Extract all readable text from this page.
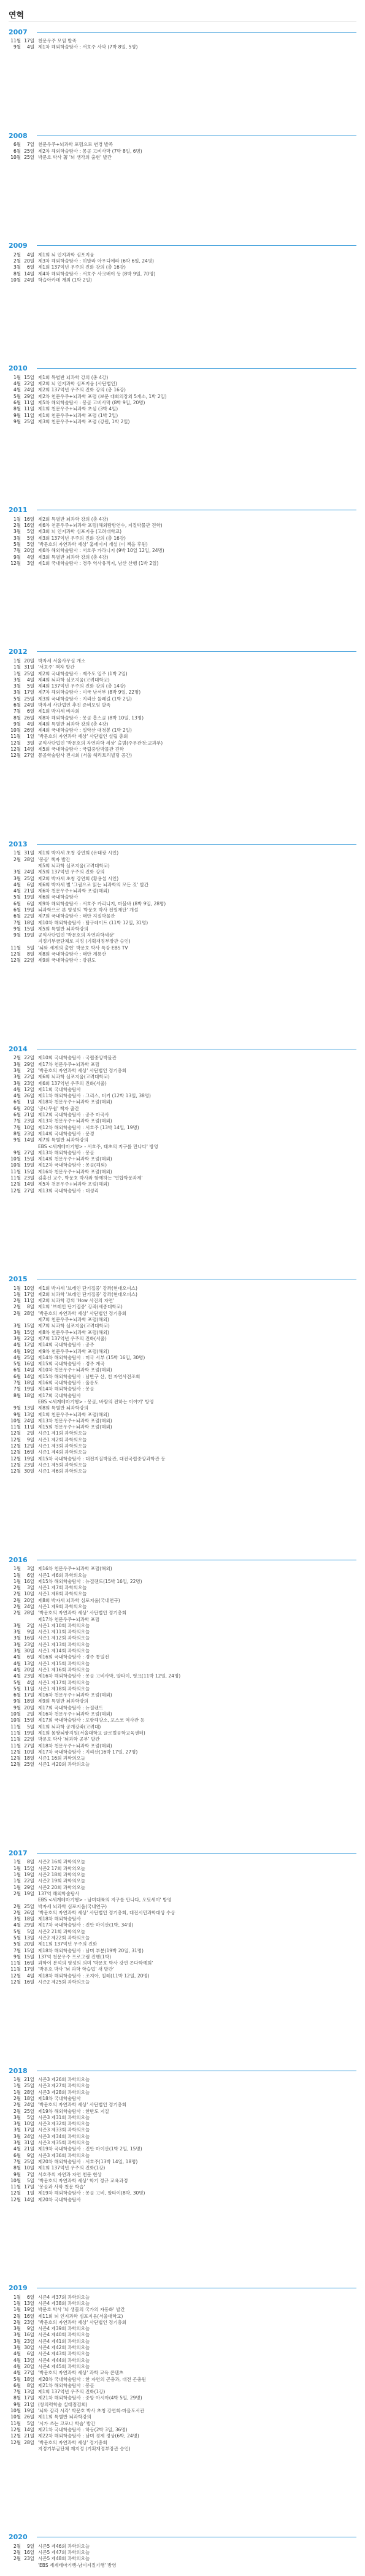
연혁
2007
11월 17일 천문우주 모임 발족
9월	4일 제1차 해외학술탐사 : 서호주 사막 (7박 8일, 5명)
2008
6월	7일 천문우주+뇌과학 포럼으로 변경 발족
6월 25일 제2차 해외학술탐사 : 몽골 고비사막 (7박 8일, 6명)
10월 25일 박문호 박사 著 '뇌 생각의 출현' 발간
2009
2월	4일 제1회 뇌 인지과학 심포지움
2월 20일 제3차 해외학술탐사 : 히말라 아우디에라 (6박 6일, 24명)
3월	6일 제1회 137억년 우주의 진화 강의 (총 16강)
8월 14일 제4차 해외학술탐사 : 서호주 사크배이 등 (8박 9일, 70명)
10월 24일 학습아카데 개최 (1박 2일)
2010
1월 15일 제1회 특별반 뇌과학 강의 (총 4강)
4월 22일 제2회 뇌 인지과학 심포지움 (사단법인)
4월 24일 제2회 137억년 우주의 진화 강의 (총 16강)
5월 29일 제2차 천문우주+뇌과학 포럼 (보문 대회의장외 5개소, 1박 2일)
6월 11일 제5차 해외학술탐사 : 몽골 고비사막 (8박 9일, 20명)
8월 11일 제1회 천문우주+뇌과학 초심 (3박 4일)
9월 11일 제1회 천문우주+뇌과학 포럼 (1박 2일)
9월 25일 제3회 천문우주+뇌과학 포럼 (강원, 1박 2일)
2011
1월 16일 제2회 특별반 뇌과학 강의 (총 4강)
2월 16일 제6차 천문우주+뇌과학 포럼(해외탐방연수, 지질박물관 견학)
3월	5일 제3회 뇌 인지과학 심포지움 (고려대학교)
3월	5일 제3회 137억년 우주의 진화 강의 (총 16강)
5월	5일 '박문호의 자연과학 세상' 홈페이지 개설 (이 책을 후원)
7월 20일 제6차 해외학술탐사 : 서호주 카라니지 (9박 10일 12일, 24명)
9월	4일 제3회 특별반 뇌과학 강의 (총 4강)
12월	3일 제1회 국내학술탐사 : 경주 역사유적지, 남산 산행 (1박 2일)
2012
1월 20일 박자세 서울사무실 개소
1월 31일 '서호주' 책자 발간
1월 25일 제2회 국내학술탐사 : 제주도 일주 (1박 2일)
3월	4일 제4회 뇌과학 심포지움(고려대학교)
3월	5일 제4회 137억년 우주의 진화 강의 (총 14강)
3월 17일 제7차 해외학술탐사 : 미국 남서부 (8박 9일, 22명)
5월 25일 제3회 국내학술탐사 : 지리산 둘레길 (1박 2일)
6월 24일 박자세 사단법인 추진 준비모임 발족
7월	6일 제1회 박자세 바자회
8월 26일 제8차 해외학술탐사 : 몽골 홉스골 (8박 10일, 13명)
9월	4일 제4회 특별반 뇌과학 강의 (총 4강)
10월 26일 제4회 국내학술탐사 : 설악산 대청봉 (1박 2일)
11월	1일 '박문호의 자연과학 세상' 사단법인 설립 총회
12월	3일 공익사단법인 '박문호의 자연과학 세상' 출범(주무관청:교과부)
12월 14일 제5회 국내학술탐사 : 국립중앙박물관 견학
12월 27일 몽골학술탐사 전시회 (서울 헤리트리빌딩 공간)
2013
1월 31일 제1회 박자세 초청 강연회 (유태광 시인)
2월 28일 '몽골' 책자 발간
제5회 뇌과학 심포지움(고려대학교)
3월 24일 제5회 137억년 우주의 진화 강의
3월 25일 제2회 박자세 초청 강연회 (황용섭 시인)
4월	6일 제6회 박자세 별 '그림으로 읽는 뇌과학의 모든 것' 발간
4월 21일 제6차 천문우주+뇌과학 포럼(해외)
5월 19일 제6회 국내학술탐사
6월	6일 제9차 해외학술탐사 : 서호주 카리니지, 마블바 (8박 9일, 28명)
6월 19일 뇌과학으로 본 영성의 '박문호 박사 전원재단' 개설
6월 22일 제7회 국내학술탐사 : 태안 지질박물관
7월 18일 제10차 해외학술탐사 : 탐구레이트 (11박 12일, 31명)
9월 15일 제5회 특별반 뇌과학강의
9월 19일 공익사단법인 '박문호의 자연과학세상'
지정기부금단체로 지정 (기획재정부장관 승인)
11월	5일 '뇌와 세계의 출현' 박문호 박사 특강 EBS TV
12월	8일 제8회 국내학술탐사 : 태안 계룡산
12월 22일 제9회 국내학술탐사 : 강원도
2014
2월 22일 제10회 국내학술탐사 : 국립중앙박물관
3월 29일 제17차 천문우주+뇌과학 포럼
3월	2일 '박문호의 자연과학 세상' 사단법인 정기총회
3월 22일 제6회 뇌과학 심포지움(고려대학교)
3월 23일 제6회 137억년 우주의 진화(서울)
4월 12일 제11회 국내학술탐사
4월 26일 제11차 해외학술탐사 : 그리스, 터키 (12박 13일, 38명)
6월	1일 제18차 천문우주+뇌과학 포럼(해외)
6월 20일 '공나무쉼' 책자 출간
6월 21일 제12회 국내학술탐사 : 공주 마곡사
7월 23일 제13차 천문우주+뇌과학 포럼(해외)
7월 10일 제12차 해외학술탐사 : 서호주 (13박 14일, 19명)
8월 23일 제14회 국내학술탐사 : 문경
9월 14일 제7회 특별반 뇌과학강의
EBS <세계테마기행> - 서호주, 태초의 지구를 만나다' 방영
9월 27일 제13차 해외학술탐사 : 몽골
10월 15일 제14회 천문우주+뇌과학 포럼(해외)
10월 19일 제12차 국내학술탐사 : 몽골(해외)
11월 15일 제16차 천문우주+뇌과학 포럼(해외)
11월 23일 김홍신 교수, 박문호 박사와 함께하는 '연합학문과제'
12월 14일 제5차 천문우주+뇌과학 포럼(해외)
12월 27일 제13회 국내학술탐사 : 대성리
2015
1월 10일 제1회 박자세 '브레인 단기집중' 강좌(현대오피스)
1월 17일 제2회 뇌과학 '브레인 단기집중' 강좌(현대오피스)
2월 11일 제2회 뇌과학 강의 'How 사진의 자연'
2월	8일 제1회 '브레인 단기집중' 강좌(세종대학교)
2월 28일 '박문호의 자연과학 세상' 사단법인 정기총회
제7회 천문우주+뇌과학 포럼(해외)
3월 15일 제7회 뇌과학 심포지움(고려대학교)
3월 15일 제8차 천문우주+뇌과학 포럼(해외)
3월 22일 제7회 137억년 우주의 진화(서울)
4월 12일 제14회 국내학술탐사 : 공주
4월 19일 제9차 천문우주+뇌과학 포럼(해외)
4월 25일 제14차 해외학술탐사 : 미국 서부 (15박 16일, 30명)
5월 16일 제15회 국내학술탐사 : 경주 계곡
6월 14일 제10차 천문우주+뇌과학 포럼(해외)
6월 14일 제15차 해외학술탐사 : 남반구 산, 친 자연사전조회
7월 18일 제16회 국내학술탐사 : 울릉도
7월 19일 제14차 해외학술탐사 : 몽골
8월 18일 제17회 국내학술탐사
EBS <세계테마기행> - 몽골, 바람의 전하는 이야기' 방영
9월 13일 제8회 특별반 뇌과학강의
9월 13일 제1회 천문우주+뇌과학 포럼(해외)
10월 24일 제13차 천문우주+뇌과학 포럼(해외)
11월 11일 제15회 천문우주+뇌과학 포럼(해외)
12월	2일 시즌1 제1회 과학의오늘
12월	9일 시즌1 제2회 과학의오늘
12월 12일 시즌1 제3회 과학의오늘
12월 16일 시즌1 제4회 과학의오늘
12월 19일 제15차 국내학술탐사 : 대전지질박물관, 대전국립중앙과학관 등
12월 23일 시즌1 제5회 과학의오늘
12월 30일 시즌1 제6회 과학의오늘
2016
1월	3일 제16차 천문우주+뇌과학 포럼(해외)
1월	6일 시즌1 제6회 과학의오늘
1월 16일 제15차 해외학술탐사 : 뉴질랜드(15박 16일, 22명)
2월	3일 시즌1 제7회 과학의오늘
2월 10일 시즌1 제8회 과학의오늘
2월 20일 제8회 박자세 뇌과학 심포지움(국내연구)
2월 24일 시즌1 제9회 과학의오늘
2월 28일 '박문호의 자연과학 세상' 사단법인 정기총회
제17차 천문우주+뇌과학 포럼
3월	2일 시즌1 제10회 과학의오늘
3월	9일 시즌1 제11회 과학의오늘
3월 16일 시즌1 제12회 과학의오늘
3월 23일 시즌1 제13회 과학의오늘
3월 30일 시즌1 제14회 과학의오늘
4월	6일 제16회 국내학술탐사 : 경주 통일전
4월 13일 시즌1 제15회 과학의오늘
4월 20일 시즌1 제16회 과학의오늘
4월 23일 제16차 해외학술탐사 : 몽골 고비사막, 알타이, 헝크(11박 12일, 24명)
5월	4일 시즌1 제17회 과학의오늘
5월 11일 시즌1 제18회 과학의오늘
6월 17일 제16차 천문우주+뇌과학 포럼(해외)
9월 18일 제9회 특별반 뇌과학강의
9월 20일 제17회 국내학술탐사 : 뉴질랜드
10월	2일 제16차 천문우주+뇌과학 포럼(해외)
10월 15일 제17회 국내학술탐사 : 포항해양소, 포스코 역사관 등
11월	5일 제1회 뇌과학 공개강좌(고려대)
11월 19일 제1회 몸짱뇌짱지원(서울대학교 글로벌공학교육센터)
11월 22일 박문호 박사 '뇌과학 공부' 발간
11월 27일 제18차 천문우주+뇌과학 포럼(해외)
12월 10일 제17차 국내학술탐사 : 지리산(16박 17일, 27명)
12월 18일 시즌1 16회 과학의오늘
12월 25일 시즌1 제20회 과학의오늘
2017
1월	8일 시즌2 16회 과학의오늘
1월 15일 시즌2 17회 과학의오늘
1월 19일 시즌2 18회 과학의오늘
1월 22일 시즌2 19회 과학의오늘
1월 29일 시즌2 20회 과학의오늘
2월 19일 137억 해외학술탐사
EBS <세계테마기행> - 남미대륙의 지구를 만나다, 오딧세이' 방영
2월 25일 박자세 뇌과학 심포지움(국내연구)
2월 26일 '박문호의 자연과학 세상' 사단법인 정기총회, 대전시민과학대상 수상
3월 18일 제18차 해외학술탐사
4월 29일 제17차 국내학술탐사 : 진안 마이산(1박, 34명)
5월	5일 시즌2 21회 과학의오늘
5월 13일 시즌2 제22회 과학의오늘
5월 20일 제11회 137억년 우주의 진화
7월 15일 제18차 해외학술탐사 : 남미 부분(19박 20일, 31명)
9월 15일 137억 천문우주 프로그램 진행(1박)
11월 16일 과학이 분석의 영성의 의미 '박문호 박사 강연 콘다학예회'
11월 17일 '박문호 박사 '뇌 과학 학습법' 새 발간'
12월	4일 제18차 해외학술탐사 : 조지아, 칠레(11박 12일, 20명)
12월 16일 시즌2 제25회 과학의오늘
2018
1월 21일 시즌3 제26회 과학의오늘
1월 25일 시즌3 제27회 과학의오늘
1월 28일 시즌3 제28회 과학의오늘
2월 18일 제18차 국내학술탐사
2월 24일 '박문호의 자연과학 세상' 사단법인 정기총회
2월 25일 제19차 해외학술탐사 : 한반도 지질
3월	5일 시즌3 제31회 과학의오늘
3월 10일 시즌3 제32회 과학의오늘
3월 17일 시즌3 제33회 과학의오늘
3월 24일 시즌3 제34회 과학의오늘
3월 31일 시즌3 제35회 과학의오늘
4월 21일 제19차 국내학술탐사 : 진안 마이산(1박 2일, 15명)
6월	9일 시즌3 제36회 과학의오늘
7월 25일 제20차 해외학술탐사 : 서호주(13박 14일, 18명)
8월 10일 제1회 137억년 우주의 진화(1강)
9월	7일 서호주의 자연과 자연 천문 현상
10월	5일 '박문호의 자연과학 세상' 학기 정규 교육과정
11월 17일 '몽골과 사막 천문 학습'
12월	1일 제19차 해외학술탐사 : 몽골 고비, 알타이(8박, 30명)
12월 14일 제20차 국내학술탐사
2019
1월	6일 시즌4 제37회 과학의오늘
1월 13일 시즌4 제38회 과학의오늘
1월 19일 박문호 박사 '뇌 생물의 국가의 자동화' 발간
2월 16일 제11회 뇌 인지과학 심포지움(서울대학교)
2월 23일 '박문호의 자연과학 세상' 사단법인 정기총회
3월	9일 시즌4 제39회 과학의오늘
3월 16일 시즌4 제40회 과학의오늘
3월 23일 시즌4 제41회 과학의오늘
3월 30일 시즌4 제42회 과학의오늘
4월	6일 시즌4 제43회 과학의오늘
4월 13일 시즌4 제44회 과학의오늘
4월 20일 시즌4 제45회 과학의오늘
4월 27일 '박문호의 자연과학 세상' 과학 교육 콘텐츠
5월 18일 제20차 국내학술탐사 : 한 자연의 곤충과, 대전 곤충원
6월	8일 제21차 해외학술탐사 : 몽골
7월 13일 제1회 137억년 우주의 진화(1강)
8월 17일 제21차 해외학술탐사 : 중앙 아시아(4박 5일, 29명)
9월 21일 (창의력학술 실태점검회)
10월 19일 '뇌와 감각 시각' 박문호 박사 초청 강연회-마을도서관
10월 26일 제11회 특별반 뇌과학강의
11월	5일 '시가 쓰는 코로나 학습' 발간
12월 14일 제21차 국내학술탐사 : 하동(2박 3일, 36명)
12월 21일 제22차 해외학술탐사 : 남미 경제 정상(6박, 24명)
12월 28일 '박문호의 자연과학 세상' 정기총회
지정기부금단체 재지정 (기획재정부장관 승인)
2020
2월	9일 시즌5 제46회 과학의오늘
2월 16일 시즌5 제47회 과학의오늘
2월 23일 시즌5 제48회 과학의오늘
'EBS 세계테마기행-남미지질기행' 방영
